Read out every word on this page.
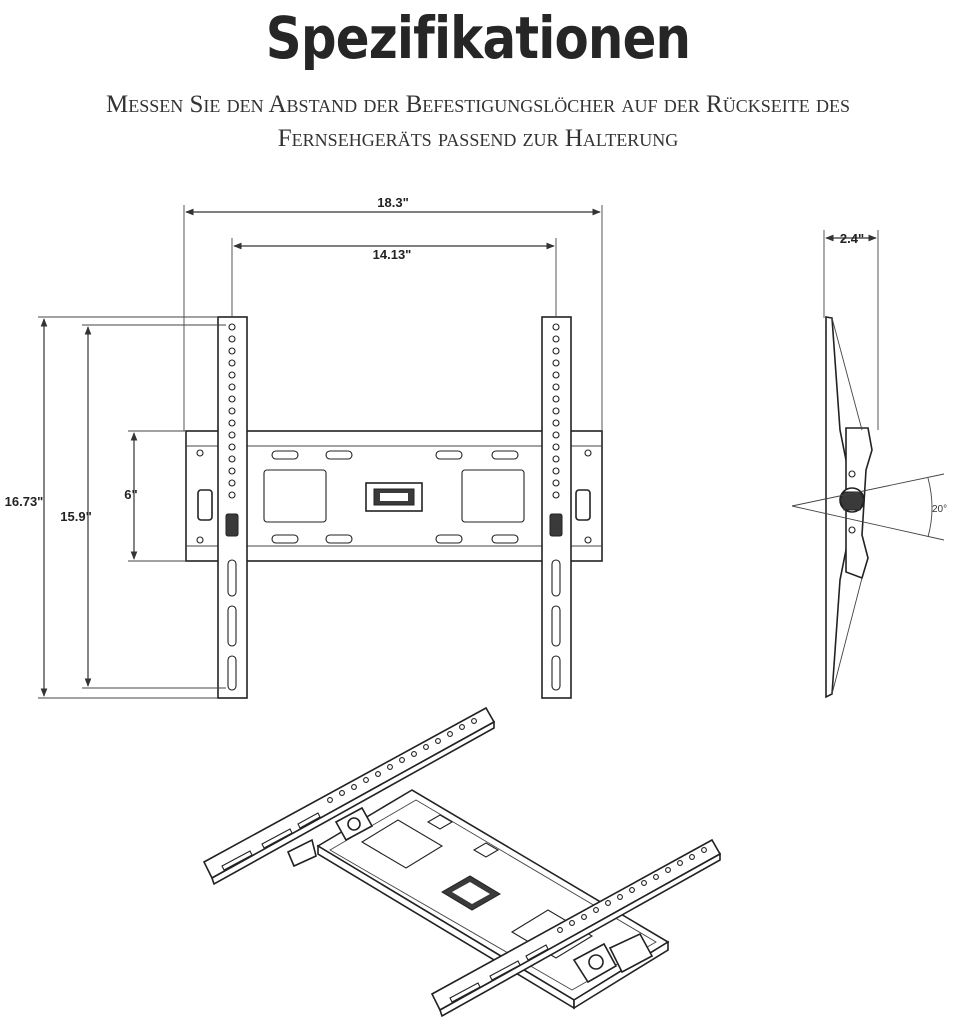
Spezifikationen
Messen Sie den Abstand der Befestigungslöcher auf der Rückseite des
Fernsehgeräts passend zur Halterung
18.3"
14.13"
16.73"
15.9"
6"
2.4"
20°
